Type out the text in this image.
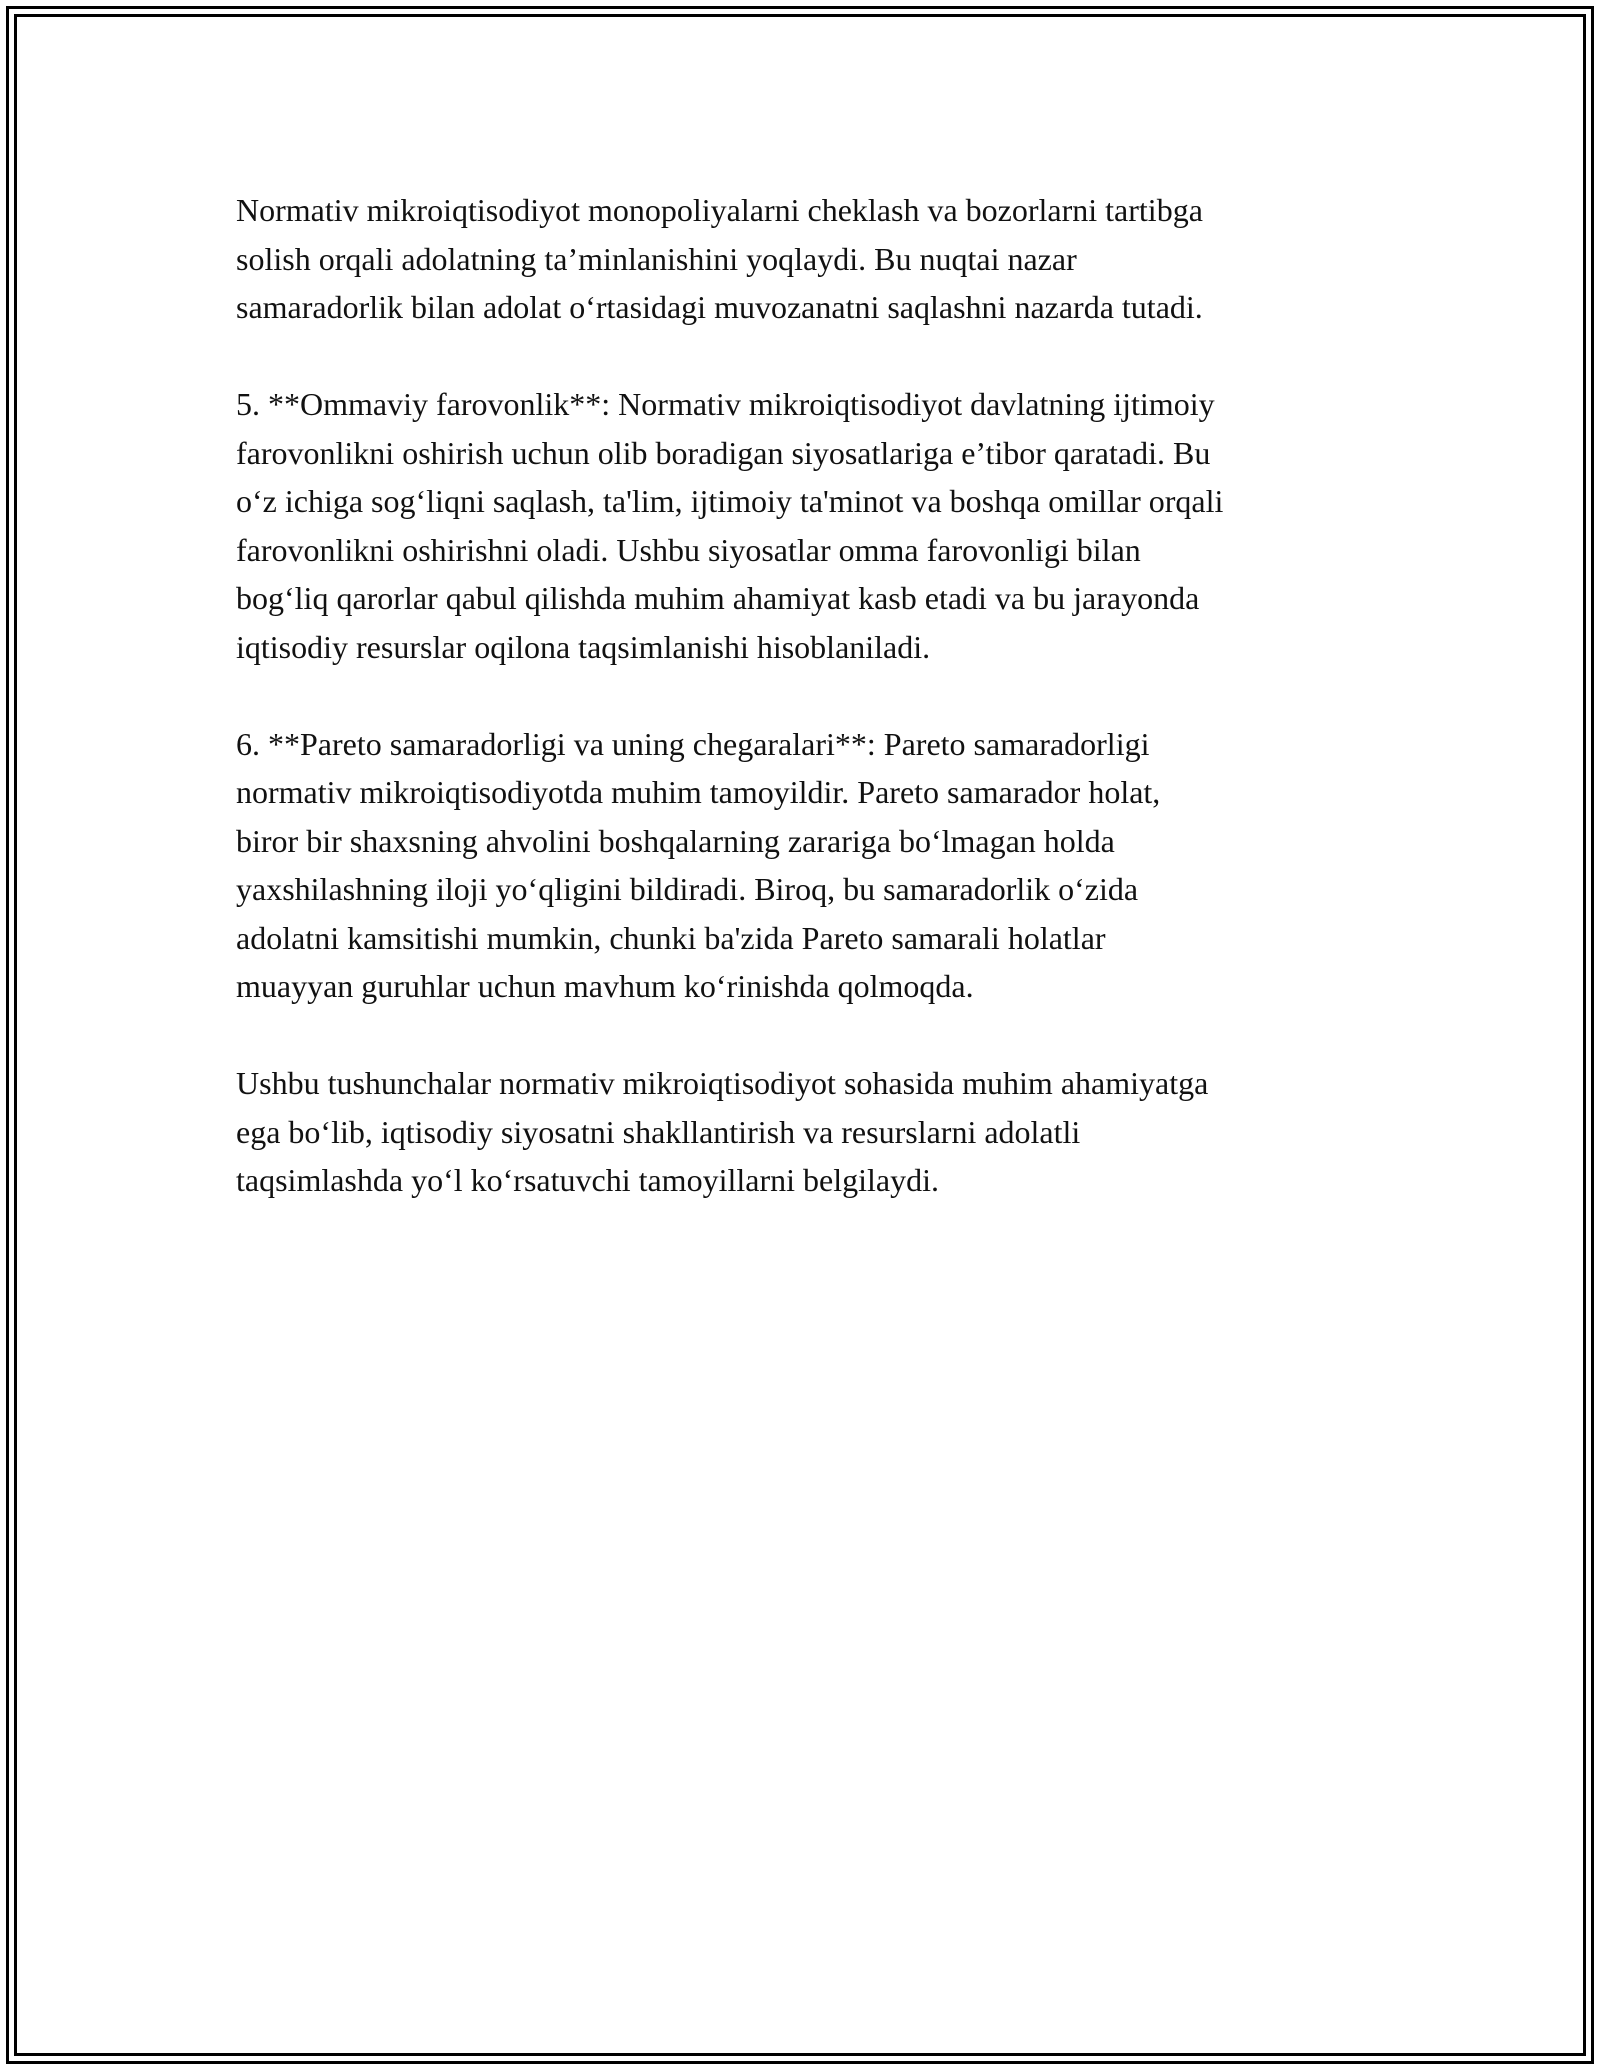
Normativ mikroiqtisodiyot monopoliyalarni cheklash va bozorlarni tartibga
solish orqali adolatning ta’minlanishini yoqlaydi. Bu nuqtai nazar
samaradorlik bilan adolat o‘rtasidagi muvozanatni saqlashni nazarda tutadi.

5. **Ommaviy farovonlik**: Normativ mikroiqtisodiyot davlatning ijtimoiy
farovonlikni oshirish uchun olib boradigan siyosatlariga e’tibor qaratadi. Bu
o‘z ichiga sog‘liqni saqlash, ta'lim, ijtimoiy ta'minot va boshqa omillar orqali
farovonlikni oshirishni oladi. Ushbu siyosatlar omma farovonligi bilan
bog‘liq qarorlar qabul qilishda muhim ahamiyat kasb etadi va bu jarayonda
iqtisodiy resurslar oqilona taqsimlanishi hisoblaniladi.

6. **Pareto samaradorligi va uning chegaralari**: Pareto samaradorligi
normativ mikroiqtisodiyotda muhim tamoyildir. Pareto samarador holat,
biror bir shaxsning ahvolini boshqalarning zarariga bo‘lmagan holda
yaxshilashning iloji yo‘qligini bildiradi. Biroq, bu samaradorlik o‘zida
adolatni kamsitishi mumkin, chunki ba'zida Pareto samarali holatlar
muayyan guruhlar uchun mavhum ko‘rinishda qolmoqda.

Ushbu tushunchalar normativ mikroiqtisodiyot sohasida muhim ahamiyatga
ega bo‘lib, iqtisodiy siyosatni shakllantirish va resurslarni adolatli
taqsimlashda yo‘l ko‘rsatuvchi tamoyillarni belgilaydi.
